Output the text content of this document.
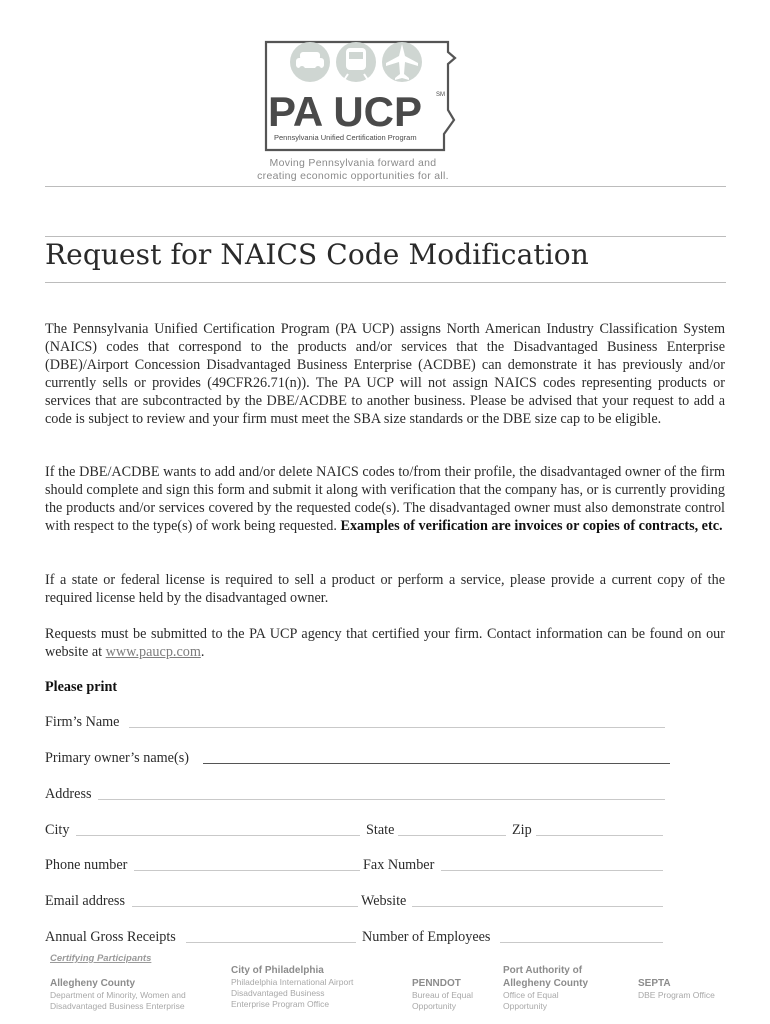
PA UCP SM
Pennsylvania Unified Certification Program
Moving Pennsylvania forward and
creating economic opportunities for all.
Request for NAICS Code Modification
The Pennsylvania Unified Certification Program (PA UCP) assigns North American Industry Classification System (NAICS) codes that correspond to the products and/or services that the Disadvantaged Business Enterprise (DBE)/Airport Concession Disadvantaged Business Enterprise (ACDBE) can demonstrate it has previously and/or currently sells or provides (49CFR26.71(n)). The PA UCP will not assign NAICS codes representing products or services that are subcontracted by the DBE/ACDBE to another business. Please be advised that your request to add a code is subject to review and your firm must meet the SBA size standards or the DBE size cap to be eligible.
If the DBE/ACDBE wants to add and/or delete NAICS codes to/from their profile, the disadvantaged owner of the firm should complete and sign this form and submit it along with verification that the company has, or is currently providing the products and/or services covered by the requested code(s). The disadvantaged owner must also demonstrate control with respect to the type(s) of work being requested. Examples of verification are invoices or copies of contracts, etc.
If a state or federal license is required to sell a product or perform a service, please provide a current copy of the required license held by the disadvantaged owner.
Requests must be submitted to the PA UCP agency that certified your firm. Contact information can be found on our website at www.paucp.com.
Please print
Firm’s Name
Primary owner’s name(s)
Address
City	State	Zip
Phone number	Fax Number
Email address	Website
Annual Gross Receipts	Number of Employees
Certifying Participants
Allegheny County
Department of Minority, Women and
Disadvantaged Business Enterprise
City of Philadelphia
Philadelphia International Airport
Disadvantaged Business
Enterprise Program Office
PENNDOT
Bureau of Equal
Opportunity
Port Authority of
Allegheny County
Office of Equal
Opportunity
SEPTA
DBE Program Office
